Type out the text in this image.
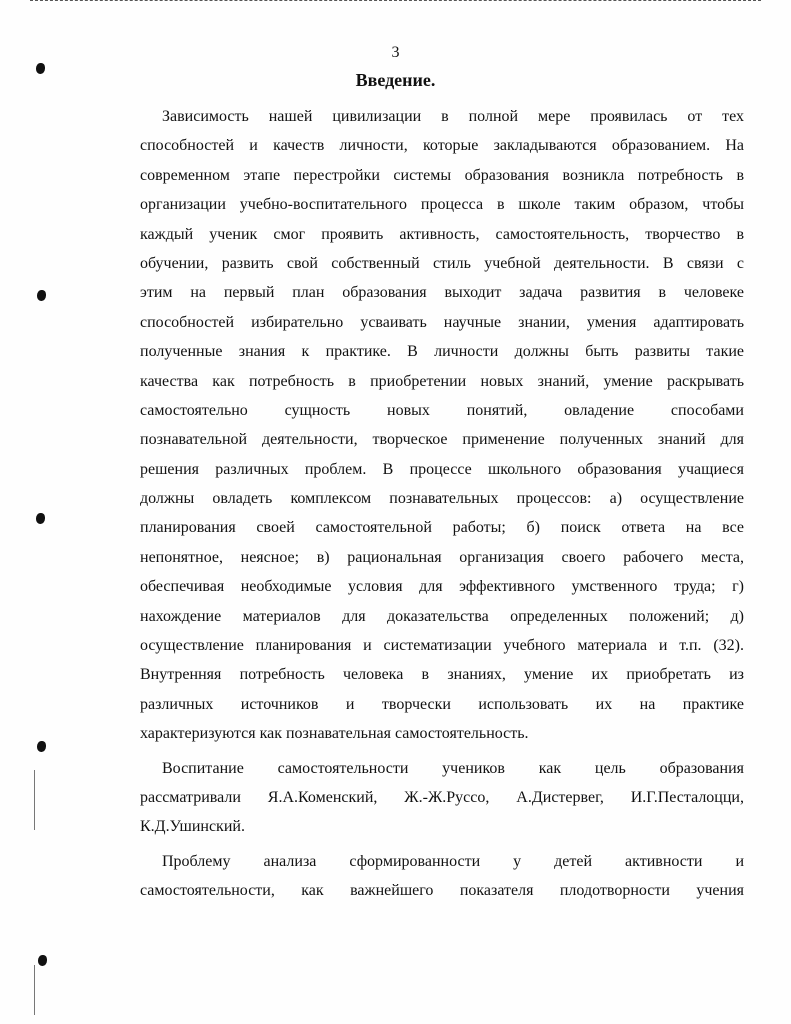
3
Введение.
Зависимость нашей цивилизации в полной мере проявилась от тех
способностей и качеств личности, которые закладываются образованием. На
современном этапе перестройки системы образования возникла потребность в
организации учебно-воспитательного процесса в школе таким образом, чтобы
каждый ученик смог проявить активность, самостоятельность, творчество в
обучении, развить свой собственный стиль учебной деятельности. В связи с
этим на первый план образования выходит задача развития в человеке
способностей избирательно усваивать научные знании, умения адаптировать
полученные знания к практике. В личности должны быть развиты такие
качества как потребность в приобретении новых знаний, умение раскрывать
самостоятельно сущность новых понятий, овладение способами
познавательной деятельности, творческое применение полученных знаний для
решения различных проблем. В процессе школьного образования учащиеся
должны овладеть комплексом познавательных процессов: а) осуществление
планирования своей самостоятельной работы; б) поиск ответа на все
непонятное, неясное; в) рациональная организация своего рабочего места,
обеспечивая необходимые условия для эффективного умственного труда; г)
нахождение материалов для доказательства определенных положений; д)
осуществление планирования и систематизации учебного материала и т.п. (32).
Внутренняя потребность человека в знаниях, умение их приобретать из
различных источников и творчески использовать их на практике
характеризуются как познавательная самостоятельность.
Воспитание самостоятельности учеников как цель образования
рассматривали Я.А.Коменский, Ж.-Ж.Руссо, А.Дистервег, И.Г.Песталоцци,
К.Д.Ушинский.
Проблему анализа сформированности у детей активности и
самостоятельности, как важнейшего показателя плодотворности учения
